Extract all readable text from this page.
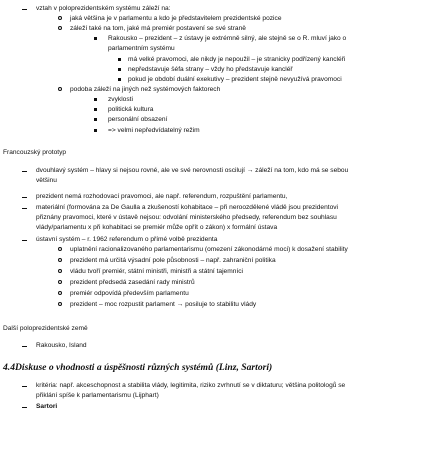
vztah v poloprezidentském systému záleží na:
jaká většina je v parlamentu a kdo je představitelem prezidentské pozice
záleží také na tom, jaké má premiér postavení se své straně
Rakousko – prezident – z ústavy je extrémně silný, ale stejně se o R. mluví jako o
parlamentním systému
má velké pravomoci, ale nikdy je nepoužil – je stranicky podřízený kancléři
nepředstavuje šéfa strany – vždy ho představuje kancléř
pokud je období duální exekutivy – prezident stejně nevyužívá pravomoci
podoba záleží na jiných než systémových faktorech
zvyklosti
politická kultura
personální obsazení
=> velmi nepředvídatelný režim
Francouzský prototyp
dvouhlavý systém – hlavy si nejsou rovné, ale ve své nerovnosti oscilují → záleží na tom, kdo má se sebou
většinu
prezident nemá rozhodovací pravomoci, ale např. referendum, rozpuštění parlamentu,
materiální (formována za De Gaulla a zkušeností kohabitace – při neroozdělené vládě jsou prezidentovi
přiznány pravomoci, které v ústavě nejsou: odvolání ministerského předsedy, referendum bez souhlasu
vlády/parlamentu x při kohabitaci se premiér může opřít o zákon) x formální ústava
ústavní systém – r. 1962 referendum o přímé volbě prezidenta
uplatnění racionalizovaného parlamentarismu (omezení zákonodárné moci) k dosažení stability
prezident má určitá výsadní pole působnosti – např. zahraniční politika
vládu tvoří premiér, státní ministři, ministři a státní tajemníci
prezident předsedá zasedání rady ministrů
premiér odpovídá především parlamentu
prezident – moc rozpustit parlament → posiluje to stabilitu vlády
Další poloprezidentské země
Rakousko, Island
4.4Diskuse o vhodnosti a úspěšnosti různých systémů (Linz, Sartori)
kritéria: např. akceschopnost a stabilita vlády, legitimita, riziko zvrhnutí se v diktaturu; většina politologů se
přiklání spíše k parlamentarismu (Lijphart)
Sartori
